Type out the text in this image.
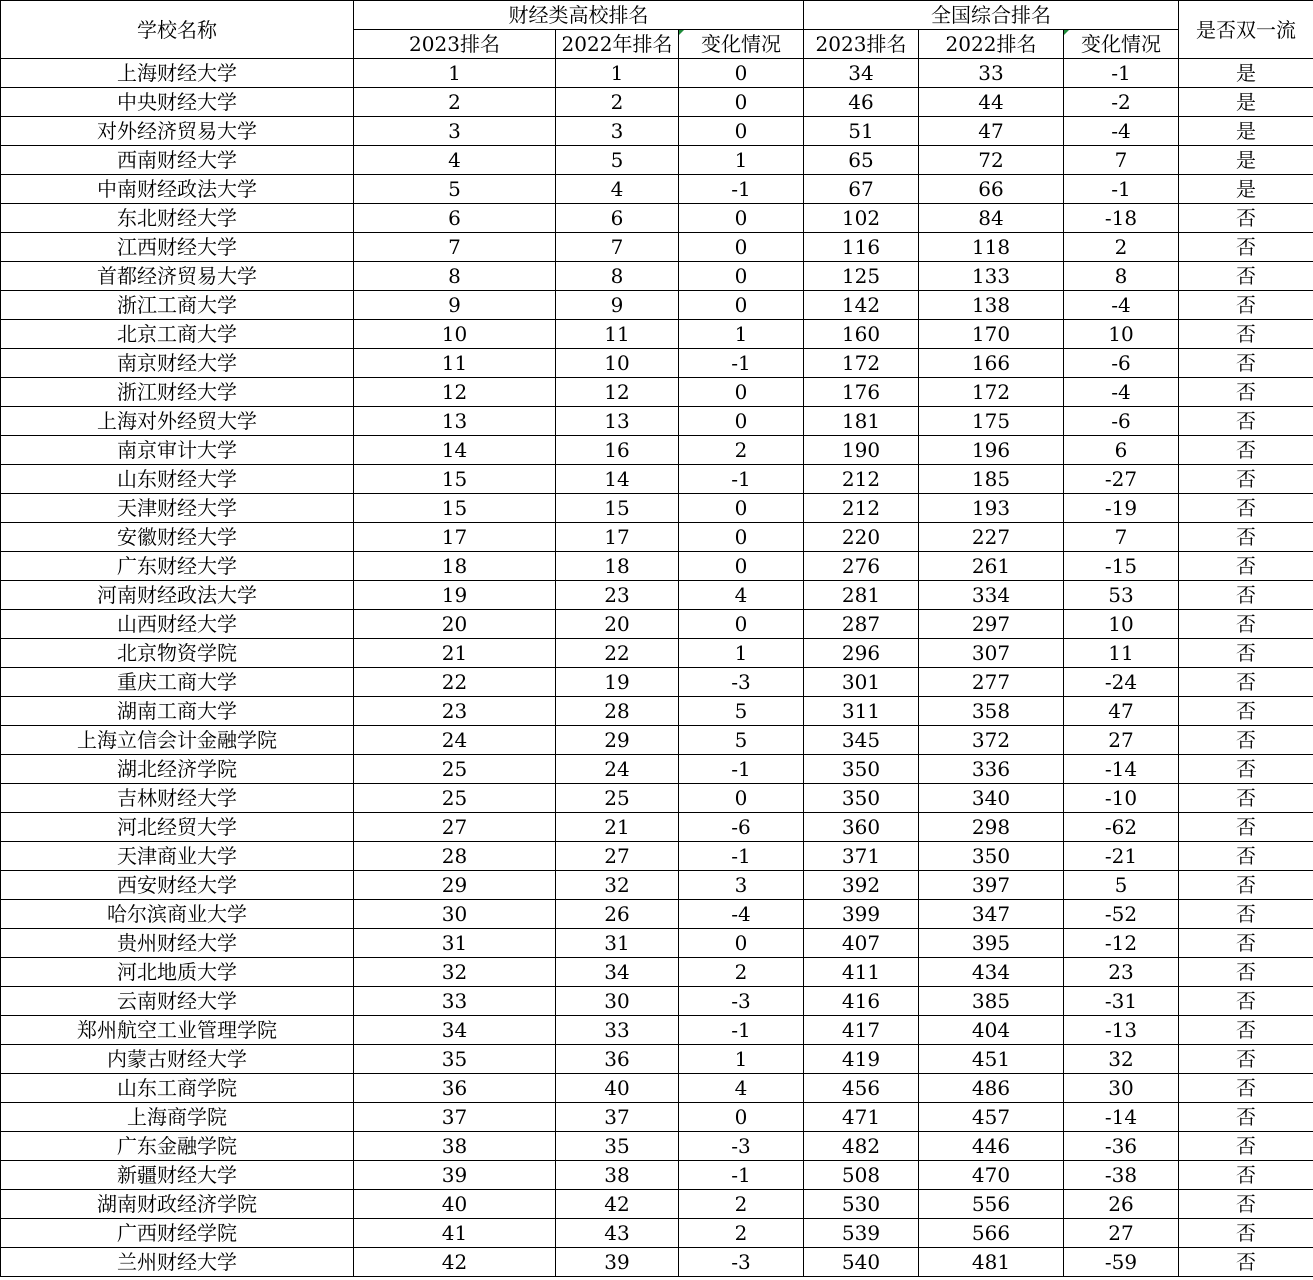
学校名称	财经类高校排名			全国综合排名			是否双一流
	2023排名	2022年排名	变化情况	2023排名	2022排名	变化情况	
上海财经大学	1	1	0	34	33	-1	是
中央财经大学	2	2	0	46	44	-2	是
对外经济贸易大学	3	3	0	51	47	-4	是
西南财经大学	4	5	1	65	72	7	是
中南财经政法大学	5	4	-1	67	66	-1	是
东北财经大学	6	6	0	102	84	-18	否
江西财经大学	7	7	0	116	118	2	否
首都经济贸易大学	8	8	0	125	133	8	否
浙江工商大学	9	9	0	142	138	-4	否
北京工商大学	10	11	1	160	170	10	否
南京财经大学	11	10	-1	172	166	-6	否
浙江财经大学	12	12	0	176	172	-4	否
上海对外经贸大学	13	13	0	181	175	-6	否
南京审计大学	14	16	2	190	196	6	否
山东财经大学	15	14	-1	212	185	-27	否
天津财经大学	15	15	0	212	193	-19	否
安徽财经大学	17	17	0	220	227	7	否
广东财经大学	18	18	0	276	261	-15	否
河南财经政法大学	19	23	4	281	334	53	否
山西财经大学	20	20	0	287	297	10	否
北京物资学院	21	22	1	296	307	11	否
重庆工商大学	22	19	-3	301	277	-24	否
湖南工商大学	23	28	5	311	358	47	否
上海立信会计金融学院	24	29	5	345	372	27	否
湖北经济学院	25	24	-1	350	336	-14	否
吉林财经大学	25	25	0	350	340	-10	否
河北经贸大学	27	21	-6	360	298	-62	否
天津商业大学	28	27	-1	371	350	-21	否
西安财经大学	29	32	3	392	397	5	否
哈尔滨商业大学	30	26	-4	399	347	-52	否
贵州财经大学	31	31	0	407	395	-12	否
河北地质大学	32	34	2	411	434	23	否
云南财经大学	33	30	-3	416	385	-31	否
郑州航空工业管理学院	34	33	-1	417	404	-13	否
内蒙古财经大学	35	36	1	419	451	32	否
山东工商学院	36	40	4	456	486	30	否
上海商学院	37	37	0	471	457	-14	否
广东金融学院	38	35	-3	482	446	-36	否
新疆财经大学	39	38	-1	508	470	-38	否
湖南财政经济学院	40	42	2	530	556	26	否
广西财经学院	41	43	2	539	566	27	否
兰州财经大学	42	39	-3	540	481	-59	否
